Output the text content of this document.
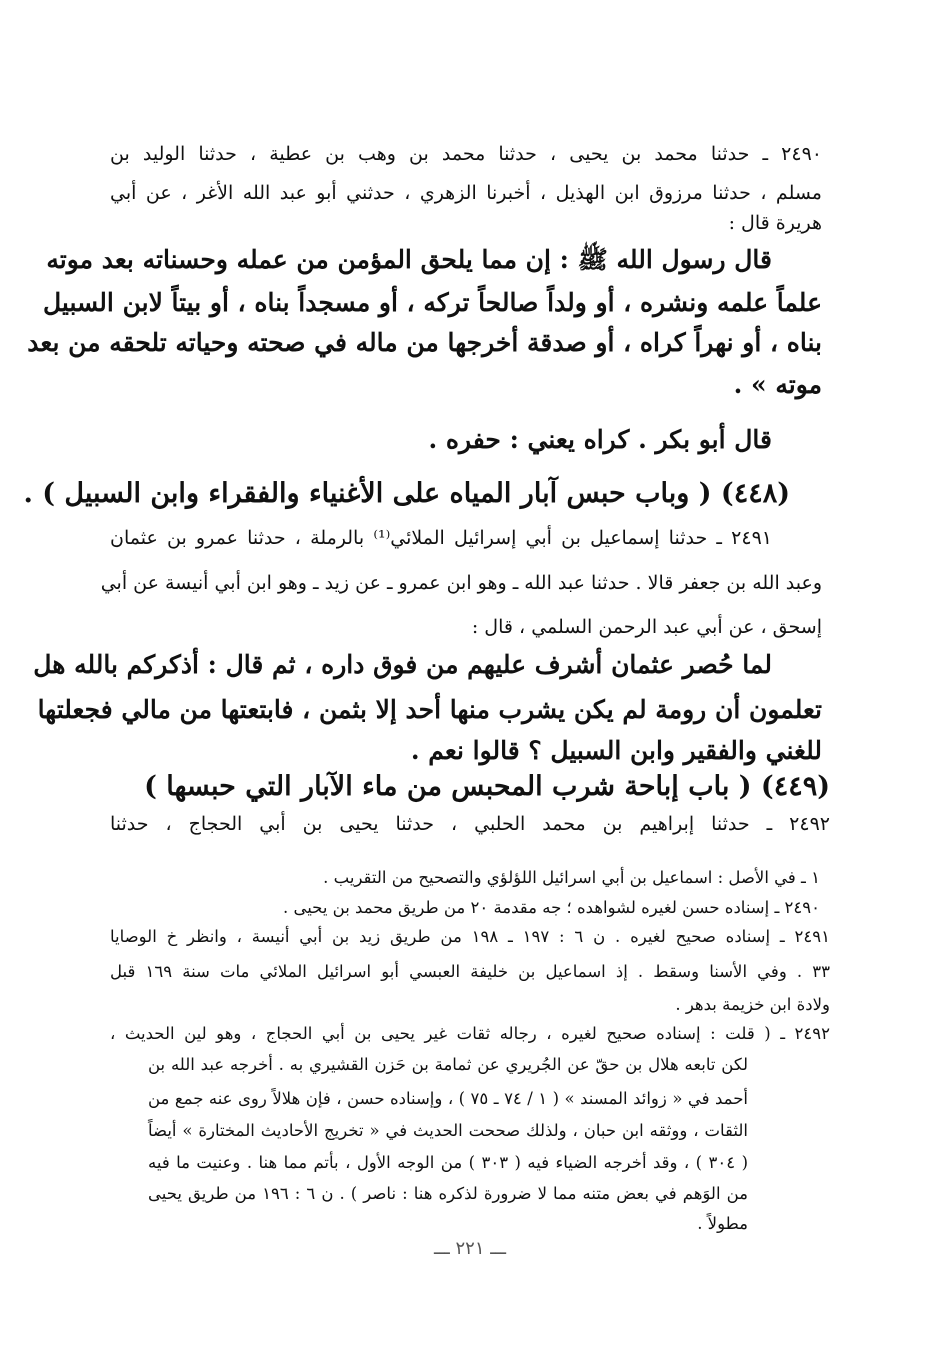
٢٤٩٠ ـ حدثنا محمد بن يحيى ، حدثنا محمد بن وهب بن عطية ، حدثنا الوليد بن
مسلم ، حدثنا مرزوق ابن الهذيل ، أخبرنا الزهري ، حدثني أبو عبد الله الأغر ، عن أبي
هريرة قال :
قال رسول الله ﷺ : إن مما يلحق المؤمن من عمله وحسناته بعد موته
علماً علمه ونشره ، أو ولداً صالحاً تركه ، أو مسجداً بناه ، أو بيتاً لابن السبيل
بناه ، أو نهراً كراه ، أو صدقة أخرجها من ماله في صحته وحياته تلحقه من بعد
موته » .
قال أبو بكر . كراه يعني : حفره .
(٤٤٨) ( وباب حبس آبار المياه على الأغنياء والفقراء وابن السبيل ) .
٢٤٩١ ـ حدثنا إسماعيل بن أبي إسرائيل الملائي⁽¹⁾ بالرملة ، حدثنا عمرو بن عثمان
وعبد الله بن جعفر قالا . حدثنا عبد الله ـ وهو ابن عمرو ـ عن زيد ـ وهو ابن أبي أنيسة عن أبي
إسحق ، عن أبي عبد الرحمن السلمي ، قال :
لما حُصر عثمان أشرف عليهم من فوق داره ، ثم قال : أذكركم بالله هل
تعلمون أن رومة لم يكن يشرب منها أحد إلا بثمن ، فابتعتها من مالي فجعلتها
للغني والفقير وابن السبيل ؟ قالوا نعم .
(٤٤٩) ( باب إباحة شرب المحبس من ماء الآبار التي حبسها )
٢٤٩٢ ـ حدثنا إبراهيم بن محمد الحلبي ، حدثنا يحيى بن أبي الحجاج ، حدثنا
١ ـ في الأصل : اسماعيل بن أبي اسرائيل اللؤلؤي والتصحيح من التقريب .
٢٤٩٠ ـ إسناده حسن لغيره لشواهده ؛ جه مقدمة ٢٠ من طريق محمد بن يحيى .
٢٤٩١ ـ إسناده صحيح لغيره . ن ٦ : ١٩٧ ـ ١٩٨ من طريق زيد بن أبي أنيسة ، وانظر خ الوصايا
٣٣ . وفي الأسنا وسقط . إذ اسماعيل بن خليفة العبسي أبو اسرائيل الملائي مات سنة ١٦٩ قبل
ولادة ابن خزيمة بدهر .
٢٤٩٢ ـ ( قلت : إسناده صحيح لغيره ، رجاله ثقات غير يحيى بن أبي الحجاج ، وهو لين الحديث ،
لكن تابعه هلال بن حقّ عن الجُريري عن ثمامة بن حَزن القشيري به . أخرجه عبد الله بن
أحمد في « زوائد المسند » ( ١ / ٧٤ ـ ٧٥ ) ، وإسناده حسن ، فإن هلالاً روى عنه جمع من
الثقات ، ووثقه ابن حبان ، ولذلك صححت الحديث في « تخريج الأحاديث المختارة » أيضاً
( ٣٠٤ ) ، وقد أخرجه الضياء فيه ( ٣٠٣ ) من الوجه الأول ، بأتم مما هنا . وعنيت ما فيه
من الوَهم في بعض متنه مما لا ضرورة لذكره هنا : ناصر ) . ن ٦ : ١٩٦ من طريق يحيى
مطولاً .
ـــ ٢٢١ ـــ
